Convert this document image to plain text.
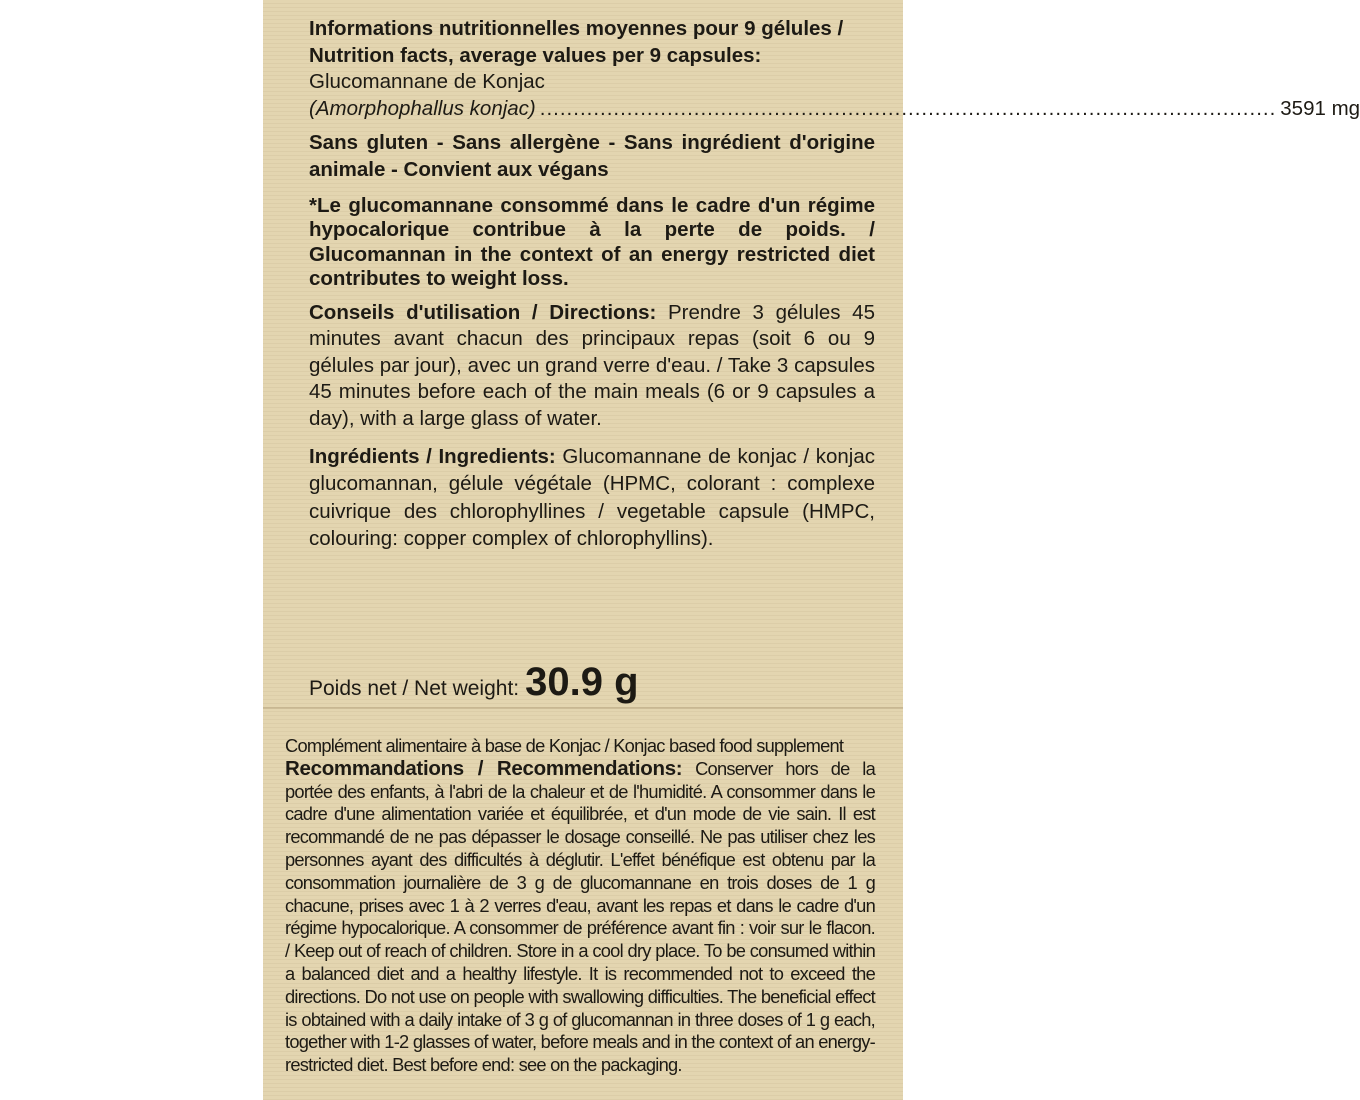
Informations nutritionnelles moyennes pour 9 gélules / Nutrition facts, average values per 9 capsules:

Glucomannane de Konjac

(Amorphophallus konjac) .............................................................................................................. 3591 mg

Sans gluten - Sans allergène - Sans ingrédient d'origine animale - Convient aux végans

*Le glucomannane consommé dans le cadre d'un régime hypocalorique contribue à la perte de poids. / Glucomannan in the context of an energy restricted diet contributes to weight loss.

Conseils d'utilisation / Directions: Prendre 3 gélules 45 minutes avant chacun des principaux repas (soit 6 ou 9 gélules par jour), avec un grand verre d'eau. / Take 3 capsules 45 minutes before each of the main meals (6 or 9 capsules a day), with a large glass of water.

Ingrédients / Ingredients: Glucomannane de konjac / konjac glucomannan, gélule végétale (HPMC, colorant : complexe cuivrique des chlorophyllines / vegetable capsule (HMPC, colouring: copper complex of chlorophyllins).

Poids net / Net weight: 30.9 g

Complément alimentaire à base de Konjac / Konjac based food supplement

Recommandations / Recommendations: Conserver hors de la portée des enfants, à l'abri de la chaleur et de l'humidité. A consommer dans le cadre d'une alimentation variée et équilibrée, et d'un mode de vie sain. Il est recommandé de ne pas dépasser le dosage conseillé. Ne pas utiliser chez les personnes ayant des difficultés à déglutir. L'effet bénéfique est obtenu par la consommation journalière de 3 g de glucomannane en trois doses de 1 g chacune, prises avec 1 à 2 verres d'eau, avant les repas et dans le cadre d'un régime hypocalorique. A consommer de préférence avant fin : voir sur le flacon. / Keep out of reach of children. Store in a cool dry place. To be consumed within a balanced diet and a healthy lifestyle. It is recommended not to exceed the directions. Do not use on people with swallowing difficulties. The beneficial effect is obtained with a daily intake of 3 g of glucomannan in three doses of 1 g each, together with 1-2 glasses of water, before meals and in the context of an energy-restricted diet. Best before end: see on the packaging.
